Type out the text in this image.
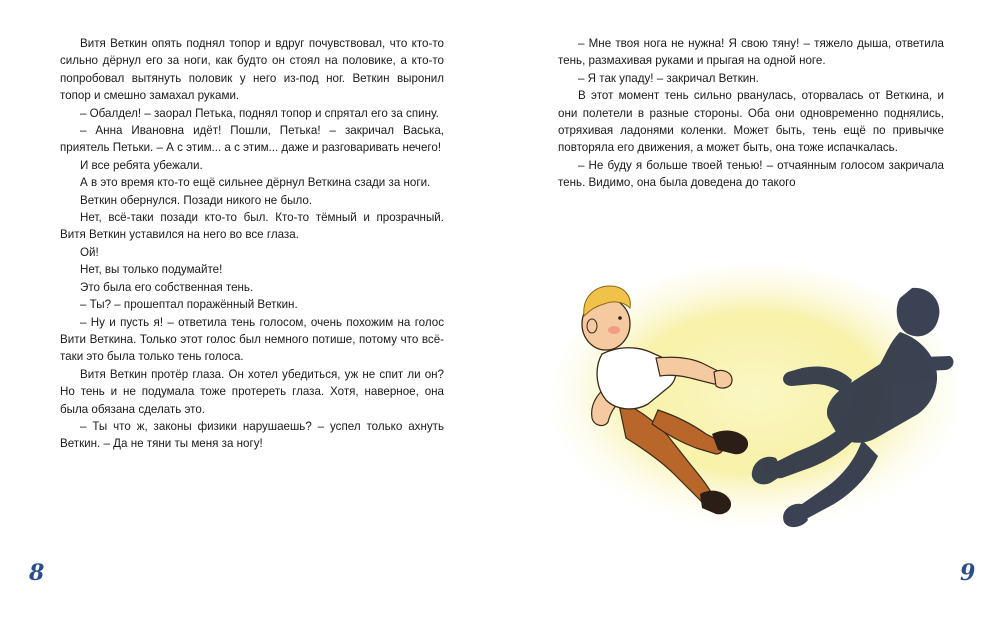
Витя Веткин опять поднял топор и вдруг почувствовал, что кто-то сильно дёрнул его за ноги, как будто он стоял на половике, а кто-то попробовал вытянуть половик у него из-под ног. Веткин выронил топор и смешно замахал руками.

– Обалдел! – заорал Петька, поднял топор и спрятал его за спину.

– Анна Ивановна идёт! Пошли, Петька! – закричал Васька, приятель Петьки. – А с этим... а с этим... даже и разговаривать нечего!

И все ребята убежали.

А в это время кто-то ещё сильнее дёрнул Веткина сзади за ноги.

Веткин обернулся. Позади никого не было.

Нет, всё-таки позади кто-то был. Кто-то тёмный и прозрачный. Витя Веткин уставился на него во все глаза.

Ой!

Нет, вы только подумайте!

Это была его собственная тень.

– Ты? – прошептал поражённый Веткин.

– Ну и пусть я! – ответила тень голосом, очень похожим на голос Вити Веткина. Только этот голос был немного потише, потому что всё-таки это была только тень голоса.

Витя Веткин протёр глаза. Он хотел убедиться, уж не спит ли он? Но тень и не подумала тоже протереть глаза. Хотя, наверное, она была обязана сделать это.

– Ты что ж, законы физики нарушаешь? – успел только ахнуть Веткин. – Да не тяни ты меня за ногу!

8

– Мне твоя нога не нужна! Я свою тяну! – тяжело дыша, ответила тень, размахивая руками и прыгая на одной ноге.

– Я так упаду! – закричал Веткин.

В этот момент тень сильно рванулась, оторвалась от Веткина, и они полетели в разные стороны. Оба они одновременно поднялись, отряхивая ладонями коленки. Может быть, тень ещё по привычке повторяла его движения, а может быть, она тоже испачкалась.

– Не буду я больше твоей тенью! – отчаянным голосом закричала тень. Видимо, она была доведена до такого

9
